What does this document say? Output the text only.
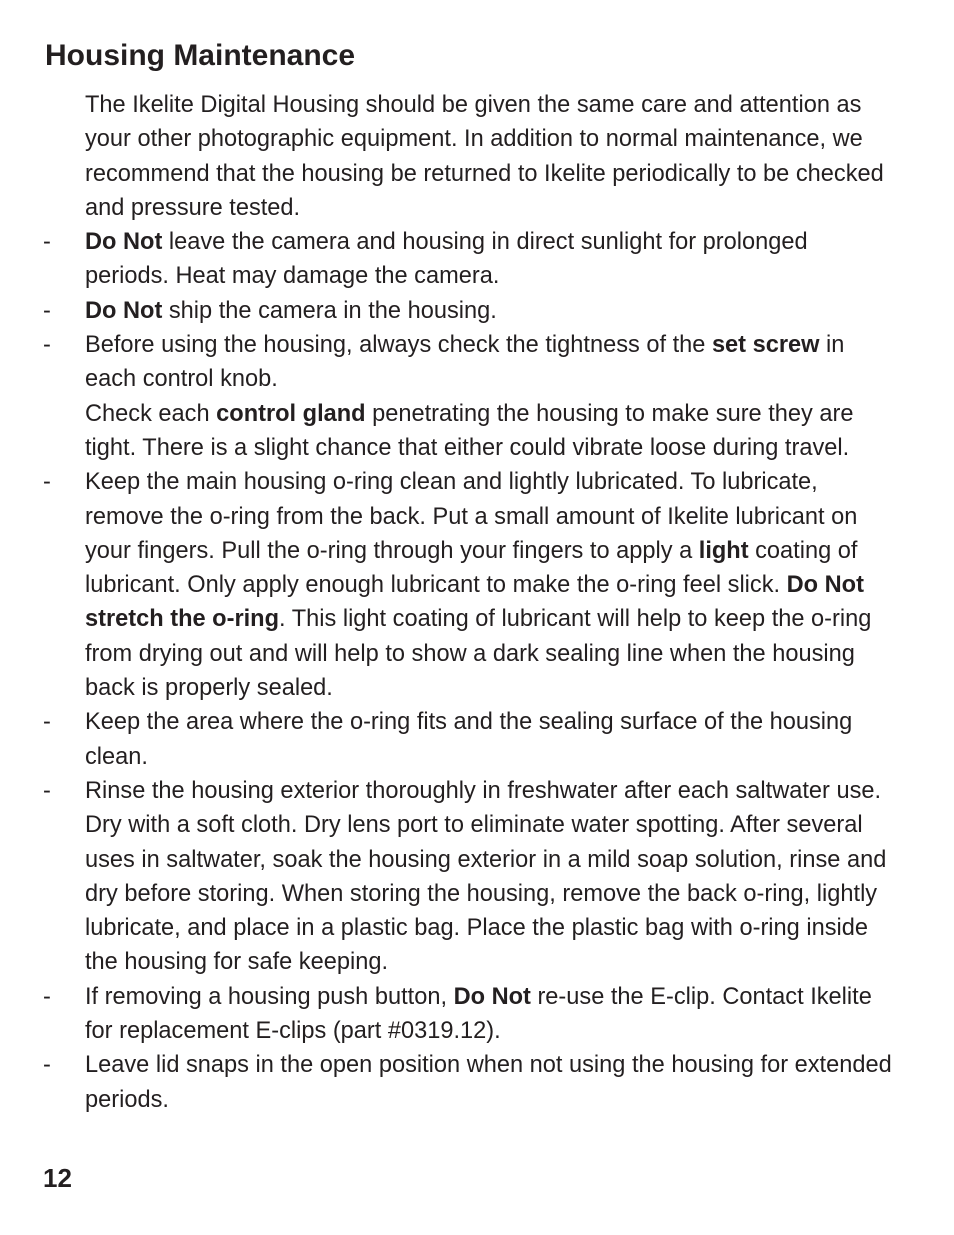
Housing Maintenance

The Ikelite Digital Housing should be given the same care and attention as your other photographic equipment. In addition to normal maintenance, we recommend that the housing be returned to Ikelite periodically to be checked and pressure tested.

- Do Not leave the camera and housing in direct sunlight for prolonged periods. Heat may damage the camera.

- Do Not ship the camera in the housing.

- Before using the housing, always check the tightness of the set screw in each control knob.

Check each control gland penetrating the housing to make sure they are tight. There is a slight chance that either could vibrate loose during travel.

- Keep the main housing o-ring clean and lightly lubricated. To lubricate, remove the o-ring from the back. Put a small amount of Ikelite lubricant on your fingers. Pull the o-ring through your fingers to apply a light coating of lubricant. Only apply enough lubricant to make the o-ring feel slick. Do Not stretch the o-ring. This light coating of lubricant will help to keep the o-ring from drying out and will help to show a dark sealing line when the housing back is properly sealed.

- Keep the area where the o-ring fits and the sealing surface of the housing clean.

- Rinse the housing exterior thoroughly in freshwater after each saltwater use. Dry with a soft cloth. Dry lens port to eliminate water spotting. After several uses in saltwater, soak the housing exterior in a mild soap solution, rinse and dry before storing. When storing the housing, remove the back o-ring, lightly lubricate, and place in a plastic bag. Place the plastic bag with o-ring inside the housing for safe keeping.

- If removing a housing push button, Do Not re-use the E-clip. Contact Ikelite for replacement E-clips (part #0319.12).

- Leave lid snaps in the open position when not using the housing for extended periods.

12
